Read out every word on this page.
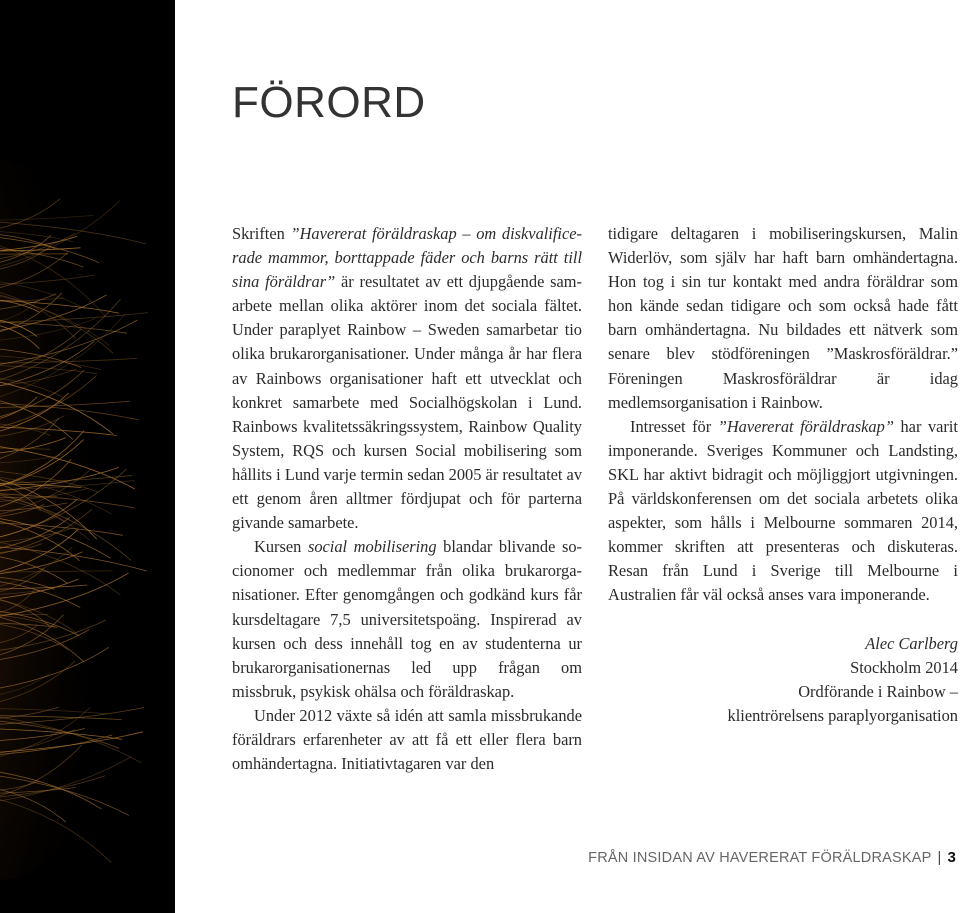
FÖRORD

Skriften ”Havererat föräldraskap – om diskvalificerade mammor, borttappade fäder och barns rätt till sina föräldrar” är resultatet av ett djupgående samarbete mellan olika aktörer inom det sociala fältet. Under paraplyet Rainbow – Sweden samarbetar tio olika brukarorganisationer. Under många år har flera av Rainbows organisationer haft ett utvecklat och konkret samarbete med Socialhögskolan i Lund. Rainbows kvalitetssäkringssystem, Rainbow Quality System, RQS och kursen Social mobilisering som hållits i Lund varje termin sedan 2005 är resultatet av ett genom åren alltmer fördjupat och för parterna givande samarbete.

Kursen social mobilisering blandar blivande socionomer och medlemmar från olika brukarorganisationer. Efter genomgången och godkänd kurs får kursdeltagare 7,5 universitetspoäng. Inspirerad av kursen och dess innehåll tog en av studenterna ur brukarorganisationernas led upp frågan om missbruk, psykisk ohälsa och föräldraskap.

Under 2012 växte så idén att samla missbrukande föräldrars erfarenheter av att få ett eller flera barn omhändertagna. Initiativtagaren var den

tidigare deltagaren i mobiliseringskursen, Malin Widerlöv, som själv har haft barn omhändertagna. Hon tog i sin tur kontakt med andra föräldrar som hon kände sedan tidigare och som också hade fått barn omhändertagna. Nu bildades ett nätverk som senare blev stödföreningen ”Maskrosföräldrar.” Föreningen Maskrosföräldrar är idag medlemsorganisation i Rainbow.

Intresset för ”Havererat föräldraskap” har varit imponerande. Sveriges Kommuner och Landsting, SKL har aktivt bidragit och möjliggjort utgivningen. På världskonferensen om det sociala arbetets olika aspekter, som hålls i Melbourne sommaren 2014, kommer skriften att presenteras och diskuteras. Resan från Lund i Sverige till Melbourne i Australien får väl också anses vara imponerande.

Alec Carlberg
Stockholm 2014
Ordförande i Rainbow –
klientrörelsens paraplyorganisation
FRÅN INSIDAN AV HAVERERAT FÖRÄLDRASKAP | 3
